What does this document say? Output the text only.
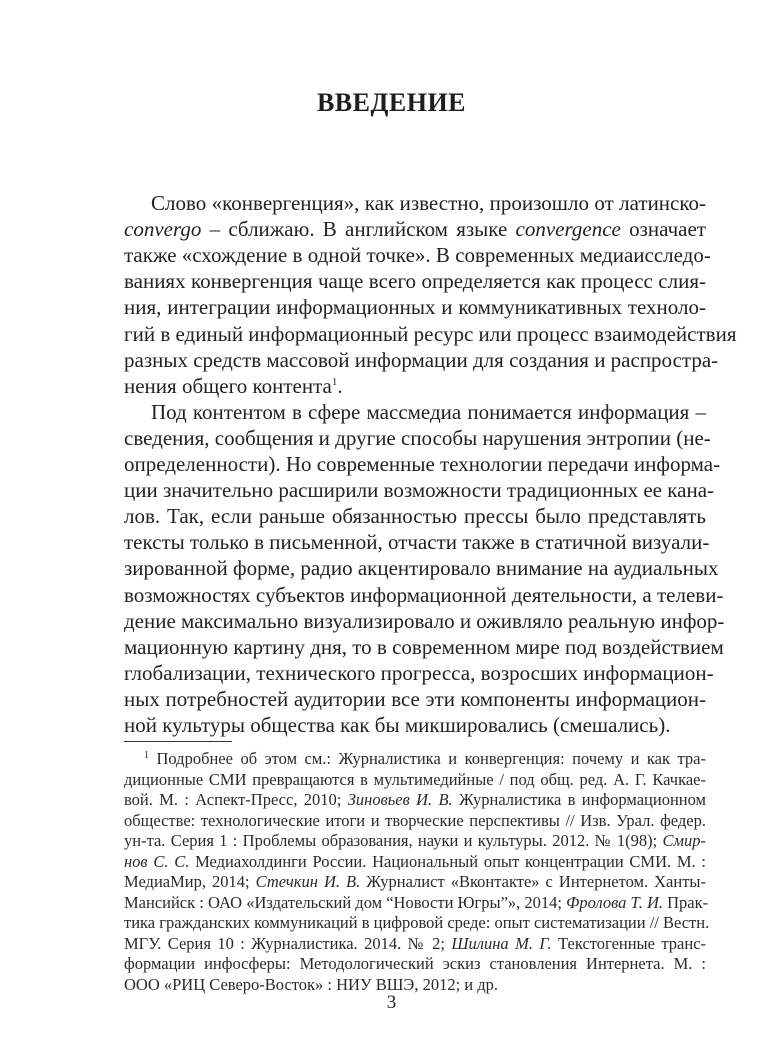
ВВЕДЕНИЕ
Слово «конвергенция», как известно, произошло от латинско-
convergo – сближаю. В английском языке convergence означает
также «схождение в одной точке». В современных медиаисследо-
ваниях конвергенция чаще всего определяется как процесс слия-
ния, интеграции информационных и коммуникативных техноло-
гий в единый информационный ресурс или процесс взаимодействия
разных средств массовой информации для создания и распростра-
нения общего контента$^1$.
Под контентом в сфере массмедиа понимается информация –
сведения, сообщения и другие способы нарушения энтропии (не-
определенности). Но современные технологии передачи информа-
ции значительно расширили возможности традиционных ее кана-
лов. Так, если раньше обязанностью прессы было представлять
тексты только в письменной, отчасти также в статичной визуали-
зированной форме, радио акцентировало внимание на аудиальных
возможностях субъектов информационной деятельности, а телеви-
дение максимально визуализировало и оживляло реальную инфор-
мационную картину дня, то в современном мире под воздействием
глобализации, технического прогресса, возросших информацион-
ных потребностей аудитории все эти компоненты информацион-
ной культуры общества как бы микшировались (смешались).
$^1$ Подробнее об этом см.: Журналистика и конвергенция: почему и как тра-
диционные СМИ превращаются в мультимедийные / под общ. ред. А. Г. Качкае-
вой. М. : Аспект-Пресс, 2010; Зиновьев И. В. Журналистика в информационном
обществе: технологические итоги и творческие перспективы // Изв. Урал. федер.
ун-та. Серия 1 : Проблемы образования, науки и культуры. 2012. № 1(98); Смир-
нов С. С. Медиахолдинги России. Национальный опыт концентрации СМИ. М. :
МедиаМир, 2014; Стечкин И. В. Журналист «Вконтакте» с Интернетом. Ханты-
Мансийск : ОАО «Издательский дом “Новости Югры”», 2014; Фролова Т. И. Прак-
тика гражданских коммуникаций в цифровой среде: опыт систематизации // Вестн.
МГУ. Серия 10 : Журналистика. 2014. № 2; Шилина М. Г. Текстогенные транс-
формации инфосферы: Методологический эскиз становления Интернета. М. :
ООО «РИЦ Северо-Восток» : НИУ ВШЭ, 2012; и др.
3
